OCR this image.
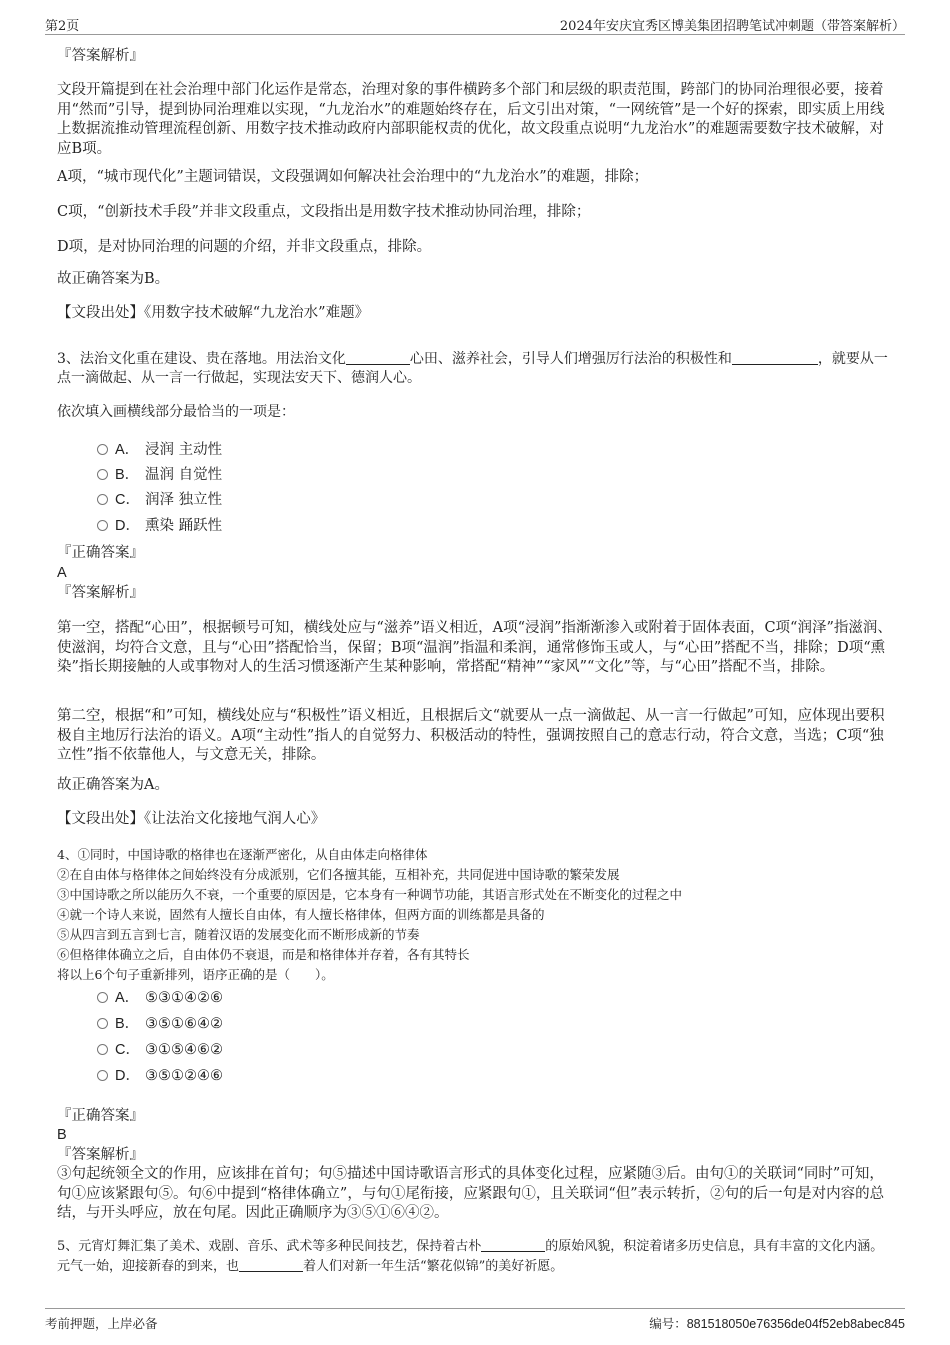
第2页	2024年安庆宜秀区博美集团招聘笔试冲刺题（带答案解析）
『答案解析』
文段开篇提到在社会治理中部门化运作是常态，治理对象的事件横跨多个部门和层级的职责范围，跨部门的协同治理很必要，接着用“然而”引导，提到协同治理难以实现，“九龙治水”的难题始终存在，后文引出对策，“一网统管”是一个好的探索，即实质上用线上数据流推动管理流程创新、用数字技术推动政府内部职能权责的优化，故文段重点说明“九龙治水”的难题需要数字技术破解，对应B项。
A项，“城市现代化”主题词错误，文段强调如何解决社会治理中的“九龙治水”的难题，排除；
C项，“创新技术手段”并非文段重点，文段指出是用数字技术推动协同治理，排除；
D项，是对协同治理的问题的介绍，并非文段重点，排除。
故正确答案为B。
【文段出处】《用数字技术破解“九龙治水”难题》
3、法治文化重在建设、贵在落地。用法治文化	心田、滋养社会，引导人们增强厉行法治的积极性和	，就要从一点一滴做起、从一言一行做起，实现法安天下、德润人心。
依次填入画横线部分最恰当的一项是：
A． 浸润 主动性
B． 温润 自觉性
C． 润泽 独立性
D． 熏染 踊跃性
『正确答案』
A
『答案解析』
第一空，搭配“心田”，根据顿号可知，横线处应与“滋养”语义相近，A项“浸润”指渐渐渗入或附着于固体表面，C项“润泽”指滋润、使滋润，均符合文意，且与“心田”搭配恰当，保留；B项“温润”指温和柔润，通常修饰玉或人，与“心田”搭配不当，排除；D项“熏染”指长期接触的人或事物对人的生活习惯逐渐产生某种影响，常搭配“精神”“家风”“文化”等，与“心田”搭配不当，排除。
第二空，根据“和”可知，横线处应与“积极性”语义相近，且根据后文“就要从一点一滴做起、从一言一行做起”可知，应体现出要积极自主地厉行法治的语义。A项“主动性”指人的自觉努力、积极活动的特性，强调按照自己的意志行动，符合文意，当选；C项“独立性”指不依靠他人，与文意无关，排除。
故正确答案为A。
【文段出处】《让法治文化接地气润人心》

4、①同时，中国诗歌的格律也在逐渐严密化，从自由体走向格律体

②在自由体与格律体之间始终没有分成派别，它们各擅其能，互相补充，共同促进中国诗歌的繁荣发展

③中国诗歌之所以能历久不衰，一个重要的原因是，它本身有一种调节功能，其语言形式处在不断变化的过程之中

④就一个诗人来说，固然有人擅长自由体，有人擅长格律体，但两方面的训练都是具备的

⑤从四言到五言到七言，随着汉语的发展变化而不断形成新的节奏

⑥但格律体确立之后，自由体仍不衰退，而是和格律体并存着，各有其特长

将以上6个句子重新排列，语序正确的是（　　）。

A． ⑤③①④②⑥
B． ③⑤①⑥④②
C． ③①⑤④⑥②
D． ③⑤①②④⑥
『正确答案』
B
『答案解析』
③句起统领全文的作用，应该排在首句；句⑤描述中国诗歌语言形式的具体变化过程，应紧随③后。由句①的关联词“同时”可知，句①应该紧跟句⑤。句⑥中提到“格律体确立”，与句①尾衔接，应紧跟句①，且关联词“但”表示转折，②句的后一句是对内容的总结，与开头呼应，放在句尾。因此正确顺序为③⑤①⑥④②。
5、元宵灯舞汇集了美术、戏剧、音乐、武术等多种民间技艺，保持着古朴	的原始风貌，积淀着诸多历史信息，具有丰富的文化内涵。元气一始，迎接新春的到来，也	着人们对新一年生活“繁花似锦”的美好祈愿。
考前押题，上岸必备	编号：881518050e76356de04f52eb8abec845
